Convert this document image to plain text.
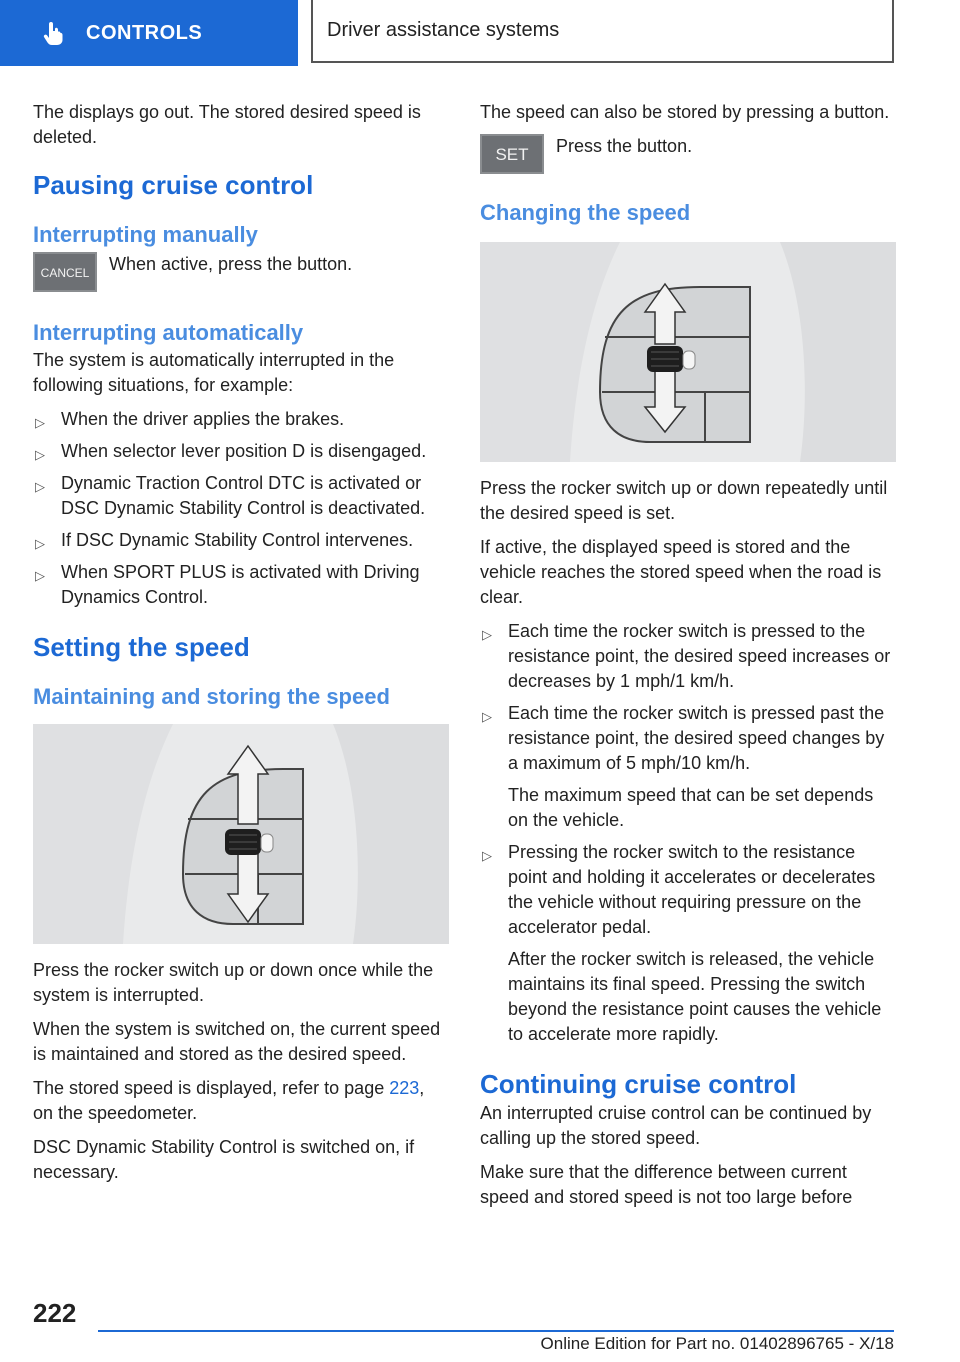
CONTROLS	Driver assistance systems

The displays go out. The stored desired speed is deleted.

Pausing cruise control
Interrupting manually
CANCEL When active, press the button.
Interrupting automatically

The system is automatically interrupted in the following situations, for example:

▷ When the driver applies the brakes.
▷ When selector lever position D is disengaged.
▷ Dynamic Traction Control DTC is activated or DSC Dynamic Stability Control is deactivated.
▷ If DSC Dynamic Stability Control intervenes.
▷ When SPORT PLUS is activated with Driving Dynamics Control.
Setting the speed
Maintaining and storing the speed

Press the rocker switch up or down once while the system is interrupted.

When the system is switched on, the current speed is maintained and stored as the desired speed.

The stored speed is displayed, refer to page 223, on the speedometer.

DSC Dynamic Stability Control is switched on, if necessary.

The speed can also be stored by pressing a button.

SET Press the button.
Changing the speed

Press the rocker switch up or down repeatedly until the desired speed is set.

If active, the displayed speed is stored and the vehicle reaches the stored speed when the road is clear.

▷ Each time the rocker switch is pressed to the resistance point, the desired speed increases or decreases by 1 mph/1 km/h.
▷ Each time the rocker switch is pressed past the resistance point, the desired speed changes by a maximum of 5 mph/10 km/h.
The maximum speed that can be set depends on the vehicle.
▷ Pressing the rocker switch to the resistance point and holding it accelerates or decelerates the vehicle without requiring pressure on the accelerator pedal.
After the rocker switch is released, the vehicle maintains its final speed. Pressing the switch beyond the resistance point causes the vehicle to accelerate more rapidly.
Continuing cruise control

An interrupted cruise control can be continued by calling up the stored speed.

Make sure that the difference between current speed and stored speed is not too large before

222
Online Edition for Part no. 01402896765 - X/18
